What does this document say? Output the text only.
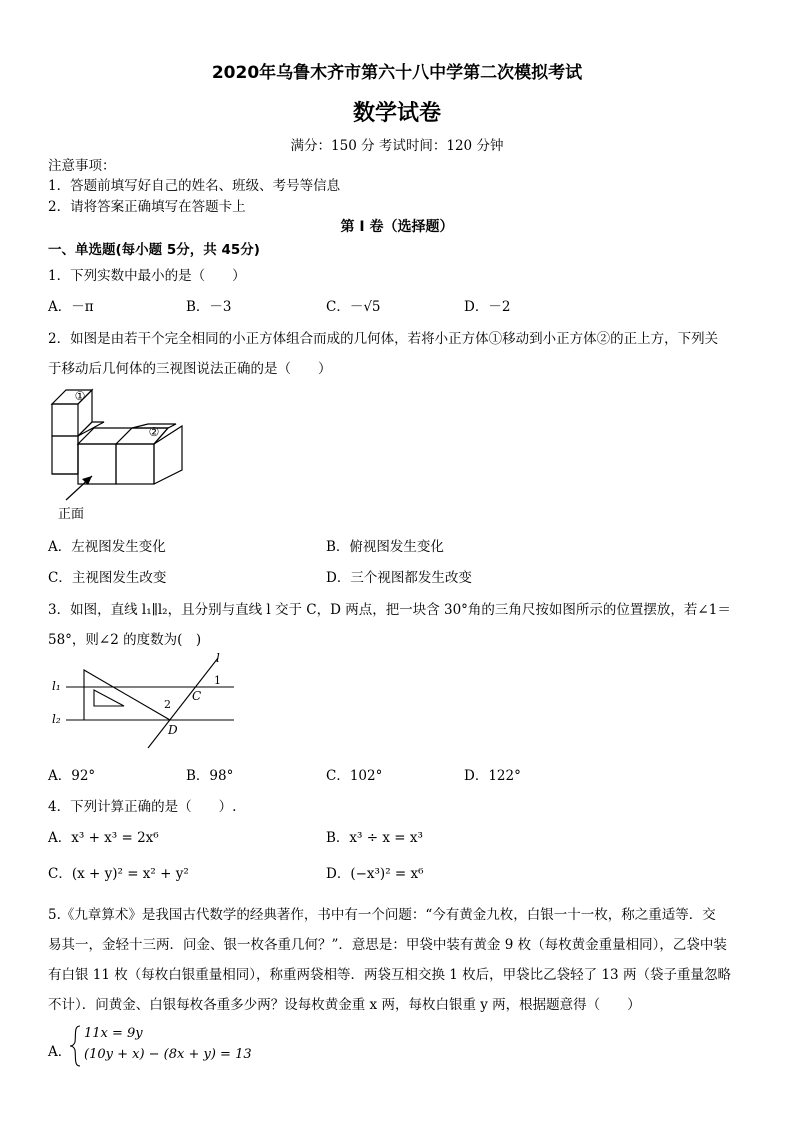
2020年乌鲁木齐市第六十八中学第二次模拟考试
数学试卷
满分：150 分 考试时间：120 分钟
注意事项：
1．答题前填写好自己的姓名、班级、考号等信息
2．请将答案正确填写在答题卡上
第 I 卷（选择题）
一、单选题(每小题 5分，共 45分)
1．下列实数中最小的是（　　）
A．－π	B．－3	C．－√5	D．－2
2．如图是由若干个完全相同的小正方体组合而成的几何体，若将小正方体①移动到小正方体②的正上方，下列关
于移动后几何体的三视图说法正确的是（　　）
①
②
正面
A．左视图发生变化	B．俯视图发生变化
C．主视图发生改变	D．三个视图都发生改变
3．如图，直线 l₁∥l₂，且分别与直线 l 交于 C，D 两点，把一块含 30°角的三角尺按如图所示的位置摆放，若∠1＝
58°，则∠2 的度数为(　)
l
l₁
l₂
1
2
C
D
A．92°	B．98°	C．102°	D．122°
4．下列计算正确的是（　　）.
A．x³ + x³ = 2x⁶	B．x³ ÷ x = x³
C．(x + y)² = x² + y²	D．(−x³)² = x⁶
5.《九章算术》是我国古代数学的经典著作，书中有一个问题：“今有黄金九枚，白银一十一枚，称之重适等．交
易其一，金轻十三两．问金、银一枚各重几何？”．意思是：甲袋中装有黄金 9 枚（每枚黄金重量相同），乙袋中装
有白银 11 枚（每枚白银重量相同），称重两袋相等．两袋互相交换 1 枚后，甲袋比乙袋轻了 13 两（袋子重量忽略
不计）．问黄金、白银每枚各重多少两？设每枚黄金重 x 两，每枚白银重 y 两，根据题意得（　　）
A．
11x = 9y
(10y + x) − (8x + y) = 13
